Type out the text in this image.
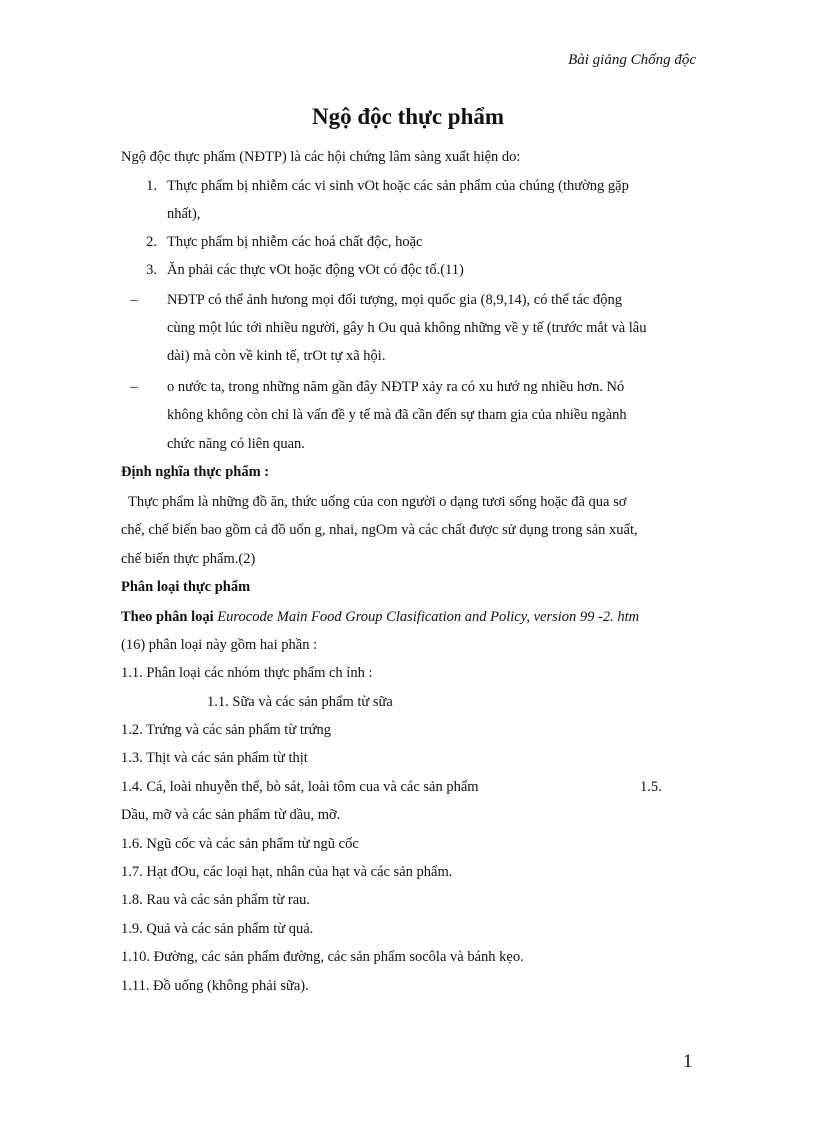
Bài giảng Chống độc
Ngộ độc thực phẩm
Ngộ độc thực phẩm (NĐTP) là các hội chứng lâm sàng xuất hiện do:
1. Thực phẩm bị nhiễm các vi sinh vOt hoặc các sản phẩm của chúng (thường gặp
nhất),
2. Thực phẩm bị nhiễm các hoá chất độc, hoặc
3. Ăn phải các thực vOt hoặc động vOt có độc tố.(11)
–	NĐTP có thể ảnh hưong mọi đối tượng, mọi quốc gia (8,9,14), có thể tác động
cùng một lúc tới nhiều người, gây h Ou quả không những về y tế (trước mắt và lâu
dài) mà còn về kinh tế, trOt tự xã hội.
–	o nước ta, trong những năm gần đây NĐTP xảy ra có xu hướ ng nhiều hơn. Nó
không không còn chỉ là vấn đề y tế mà đã cần đến sự tham gia của nhiều ngành
chức năng có liên quan.
Định nghĩa thực phẩm :
Thực phẩm là những đồ ăn, thức uống của con người o dạng tươi sống hoặc đã qua sơ
chế, chế biến bao gồm cả đồ uốn g, nhai, ngOm và các chất được sử dụng trong sản xuất,
chế biến thực phẩm.(2)
Phân loại thực phẩm
Theo phân loại Eurocode Main Food Group Clasification and Policy, version 99 -2. htm
(16) phân loại này gồm hai phần :
1.1. Phân loại các nhóm thực phẩm ch ính :
1.1. Sữa và các sản phẩm từ sữa
1.2. Trứng và các sản phẩm từ trứng
1.3. Thịt và các sản phẩm từ thịt
1.4. Cá, loài nhuyễn thể, bò sát, loài tôm cua và các sản phẩm	1.5.
Dầu, mỡ và các sản phẩm từ dầu, mỡ.
1.6. Ngũ cốc và các sản phẩm từ ngũ cốc
1.7. Hạt đOu, các loại hạt, nhân của hạt và các sản phẩm.
1.8. Rau và các sản phẩm từ rau.
1.9. Quả và các sản phẩm từ quả.
1.10. Đường, các sản phẩm đường, các sản phẩm socôla và bánh kẹo.
1.11. Đồ uống (không phải sữa).
1
